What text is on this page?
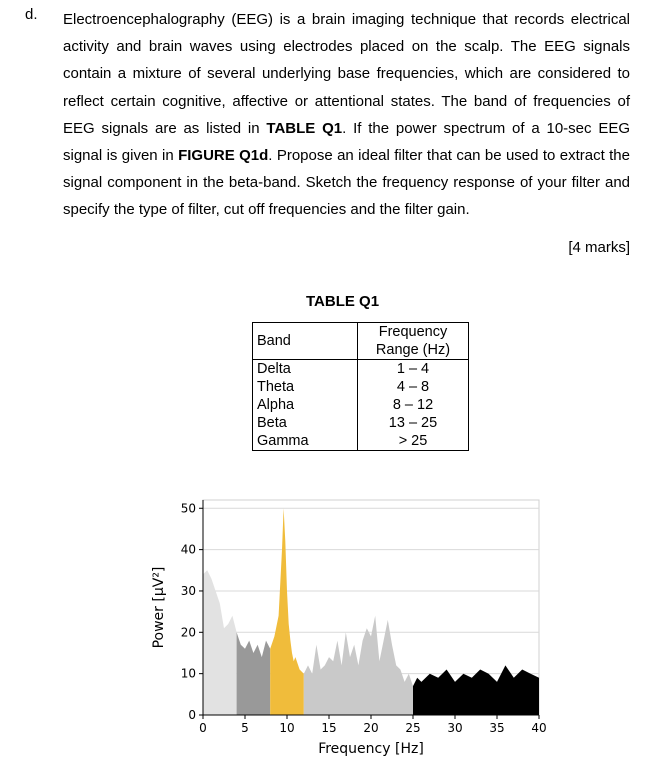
d. Electroencephalography (EEG) is a brain imaging technique that records electrical activity and brain waves using electrodes placed on the scalp. The EEG signals contain a mixture of several underlying base frequencies, which are considered to reflect certain cognitive, affective or attentional states. The band of frequencies of EEG signals are as listed in TABLE Q1. If the power spectrum of a 10-sec EEG signal is given in FIGURE Q1d. Propose an ideal filter that can be used to extract the signal component in the beta-band. Sketch the frequency response of your filter and specify the type of filter, cut off frequencies and the filter gain.
[4 marks]
TABLE Q1
Band	Frequency
Range (Hz)
Delta	1 – 4
Theta	4 – 8
Alpha	8 – 12
Beta	13 – 25
Gamma	> 25
0	5	10 15 20 25 30 35 40
0
10
20
30
40
50
Frequency [Hz]
Power [μV²]
